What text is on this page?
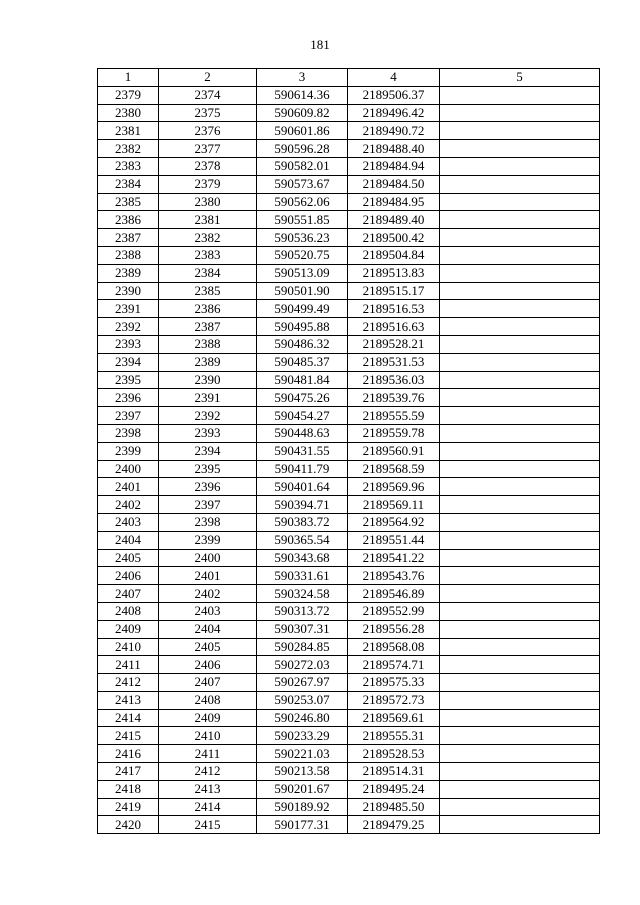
181
1	2	3	4	5
2379	2374	590614.36	2189506.37	
2380	2375	590609.82	2189496.42	
2381	2376	590601.86	2189490.72	
2382	2377	590596.28	2189488.40	
2383	2378	590582.01	2189484.94	
2384	2379	590573.67	2189484.50	
2385	2380	590562.06	2189484.95	
2386	2381	590551.85	2189489.40	
2387	2382	590536.23	2189500.42	
2388	2383	590520.75	2189504.84	
2389	2384	590513.09	2189513.83	
2390	2385	590501.90	2189515.17	
2391	2386	590499.49	2189516.53	
2392	2387	590495.88	2189516.63	
2393	2388	590486.32	2189528.21	
2394	2389	590485.37	2189531.53	
2395	2390	590481.84	2189536.03	
2396	2391	590475.26	2189539.76	
2397	2392	590454.27	2189555.59	
2398	2393	590448.63	2189559.78	
2399	2394	590431.55	2189560.91	
2400	2395	590411.79	2189568.59	
2401	2396	590401.64	2189569.96	
2402	2397	590394.71	2189569.11	
2403	2398	590383.72	2189564.92	
2404	2399	590365.54	2189551.44	
2405	2400	590343.68	2189541.22	
2406	2401	590331.61	2189543.76	
2407	2402	590324.58	2189546.89	
2408	2403	590313.72	2189552.99	
2409	2404	590307.31	2189556.28	
2410	2405	590284.85	2189568.08	
2411	2406	590272.03	2189574.71	
2412	2407	590267.97	2189575.33	
2413	2408	590253.07	2189572.73	
2414	2409	590246.80	2189569.61	
2415	2410	590233.29	2189555.31	
2416	2411	590221.03	2189528.53	
2417	2412	590213.58	2189514.31	
2418	2413	590201.67	2189495.24	
2419	2414	590189.92	2189485.50	
2420	2415	590177.31	2189479.25	
